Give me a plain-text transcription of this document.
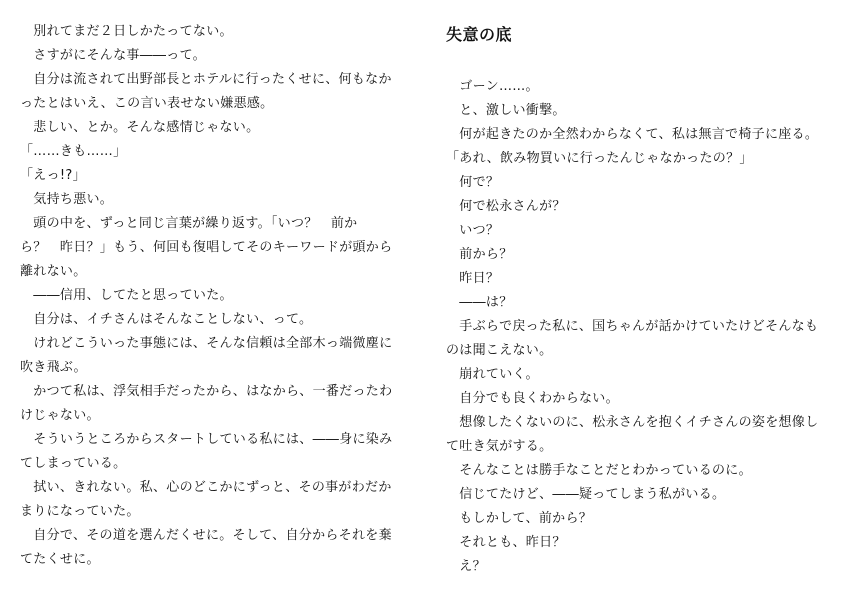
　別れてまだ２日しかたってない。
　さすがにそんな事――って。
　自分は流されて出野部長とホテルに行ったくせに、何もなか
ったとはいえ、この言い表せない嫌悪感。
　悲しい、とか。そんな感情じゃない。
「……きも……」
「えっ!?」
　気持ち悪い。
　頭の中を、ずっと同じ言葉が繰り返す。「いつ？　前か
ら？　昨日？」もう、何回も復唱してそのキーワードが頭から
離れない。
　――信用、してたと思っていた。
　自分は、イチさんはそんなことしない、って。
　けれどこういった事態には、そんな信頼は全部木っ端微塵に
吹き飛ぶ。
　かつて私は、浮気相手だったから、はなから、一番だったわ
けじゃない。
　そういうところからスタートしている私には、――身に染み
てしまっている。
　拭い、きれない。私、心のどこかにずっと、その事がわだか
まりになっていた。
　自分で、その道を選んだくせに。そして、自分からそれを棄
てたくせに。
失意の底
　ゴーン……。
　と、激しい衝撃。
　何が起きたのか全然わからなくて、私は無言で椅子に座る。
「あれ、飲み物買いに行ったんじゃなかったの？」
　何で？
　何で松永さんが？
　いつ？
　前から？
　昨日？
　――は？
　手ぶらで戻った私に、国ちゃんが話かけていたけどそんなも
のは聞こえない。
　崩れていく。
　自分でも良くわからない。
　想像したくないのに、松永さんを抱くイチさんの姿を想像し
て吐き気がする。
　そんなことは勝手なことだとわかっているのに。
　信じてたけど、――疑ってしまう私がいる。
　もしかして、前から？
　それとも、昨日？
　え？
